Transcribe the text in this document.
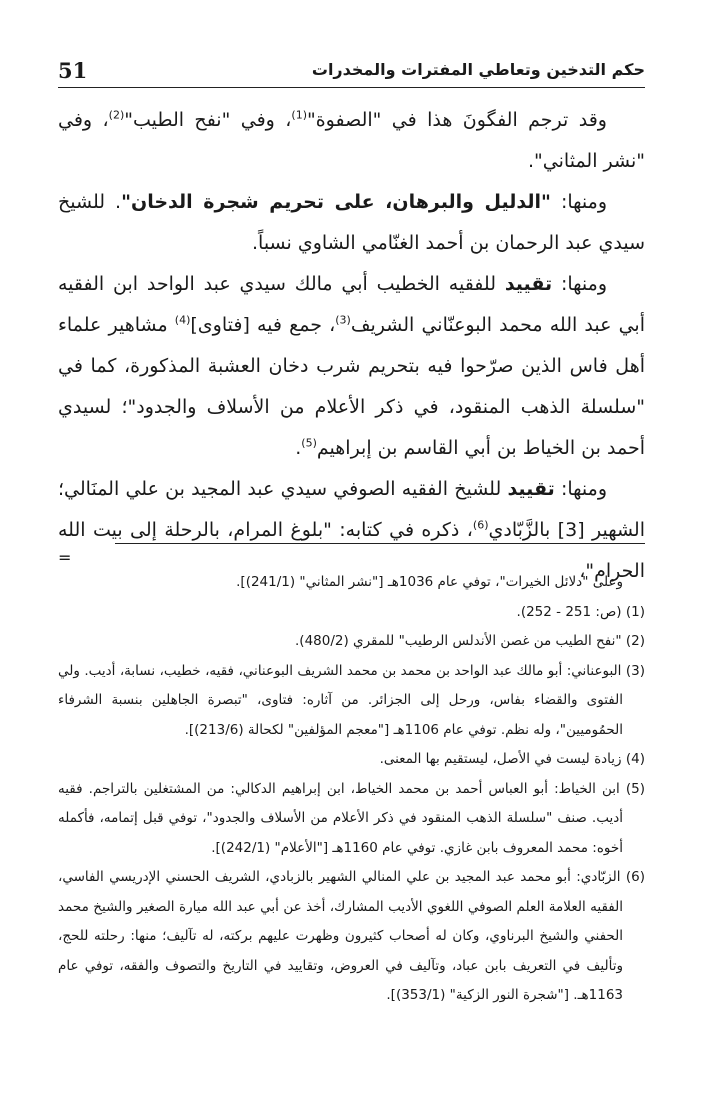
51	حكم التدخين وتعاطي المفترات والمخدرات

وقد ترجم الفگونَ هذا في "الصفوة"$^{(1)}$، وفي "نفح الطيب"$^{(2)}$، وفي "نشر المثاني".

ومنها: "الدليل والبرهان، على تحريم شجرة الدخان". للشيخ سيدي عبد الرحمان بن أحمد الغنّامي الشاوي نسباً.

ومنها: تقييد للفقيه الخطيب أبي مالك سيدي عبد الواحد ابن الفقيه أبي عبد الله محمد البوعنّاني الشريف$^{(3)}$، جمع فيه [فتاوى]$^{(4)}$ مشاهير علماء أهل فاس الذين صرّحوا فيه بتحريم شرب دخان العشبة المذكورة، كما في "سلسلة الذهب المنقود، في ذكر الأعلام من الأسلاف والجدود"؛ لسيدي أحمد بن الخياط بن أبي القاسم بن إبراهيم$^{(5)}$.

ومنها: تقييد للشيخ الفقيه الصوفي سيدي عبد المجيد بن علي المنَالي؛ الشهير [3] بالزَّبّادي$^{(6)}$، ذكره في كتابه: "بلوغ المرام، بالرحلة إلى بيت الله الحرام"،

=

وعلى "دلائل الخيرات"، توفي عام 1036هـ ["نشر المثاني" (241/1)].

(1) (ص: 251 - 252).

(2) "نفح الطيب من غصن الأندلس الرطيب" للمقري (480/2).

(3) البوعناني: أبو مالك عبد الواحد بن محمد بن محمد الشريف البوعناني، فقيه، خطيب، نسابة، أديب. ولي الفتوى والقضاء بفاس، ورحل إلى الجزائر. من آثاره: فتاوى، "تبصرة الجاهلين بنسبة الشرفاء الحمُوميين"، وله نظم. توفي عام 1106هـ ["معجم المؤلفين" لكحالة (213/6)].

(4) زيادة ليست في الأصل، ليستقيم بها المعنى.

(5) ابن الخياط: أبو العباس أحمد بن محمد الخياط، ابن إبراهيم الدكالي: من المشتغلين بالتراجم. فقيه أديب. صنف "سلسلة الذهب المنقود في ذكر الأعلام من الأسلاف والجدود"، توفي قبل إتمامه، فأكمله أخوه: محمد المعروف بابن غازي. توفي عام 1160هـ ["الأعلام" (242/1)].

(6) الزبّادي: أبو محمد عبد المجيد بن علي المنالي الشهير بالزبادي، الشريف الحسني الإدريسي الفاسي، الفقيه العلامة العلم الصوفي اللغوي الأديب المشارك، أخذ عن أبي عبد الله ميارة الصغير والشيخ محمد الحفني والشيخ البرناوي، وكان له أصحاب كثيرون وظهرت عليهم بركته، له تآليف؛ منها: رحلته للحج، وتأليف في التعريف بابن عباد، وتآليف في العروض، وتقاييد في التاريخ والتصوف والفقه، توفي عام 1163هـ. ["شجرة النور الزكية" (353/1)].
